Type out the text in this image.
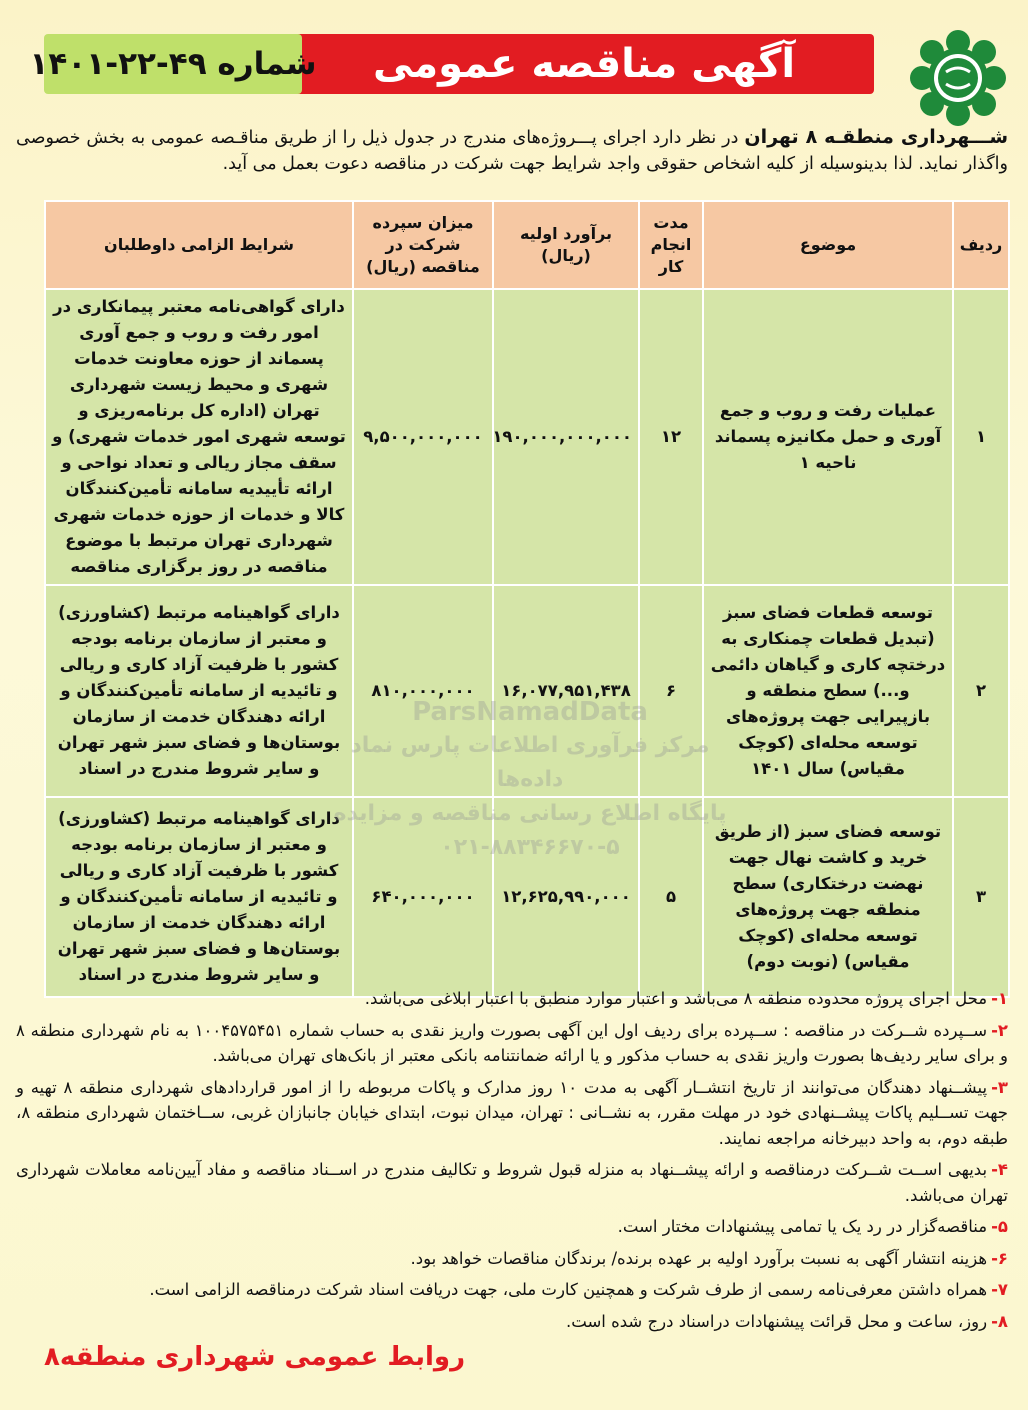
آگهی مناقصه عمومی
شماره ۴۹-۲۲-۱۴۰۱
شـــهرداری منطقـه ۸ تهران در نظر دارد اجرای پـــروژه‌های مندرج در جدول ذیل را از طریق مناقـصه عمومی به بخش خصوصی واگذار نماید. لذا بدینوسیله از کلیه اشخاص حقوقی واجد شرایط جهت شرکت در مناقصه دعوت بعمل می آید.
ردیف	موضوع	مدت انجام کار	برآورد اولیه (ریال)	میزان سپرده شرکت در مناقصه (ریال)	شرایط الزامی داوطلبان
۱	عملیات رفت و روب و جمع آوری و حمل مکانیزه پسماند ناحیه ۱	۱۲	۱۹۰,۰۰۰,۰۰۰,۰۰۰	۹,۵۰۰,۰۰۰,۰۰۰	دارای گواهی‌نامه معتبر پیمانکاری در امور رفت و روب و جمع آوری پسماند از حوزه معاونت خدمات شهری و محیط زیست شهرداری تهران (اداره کل برنامه‌ریزی و توسعه شهری امور خدمات شهری) و سقف مجاز ریالی و تعداد نواحی و ارائه تأییدیه سامانه تأمین‌کنندگان کالا و خدمات از حوزه خدمات شهری شهرداری تهران مرتبط با موضوع مناقصه در روز برگزاری مناقصه
۲	توسعه قطعات فضای سبز (تبدیل قطعات چمنکاری به درختچه کاری و گیاهان دائمی و...) سطح منطقه و بازپیرایی جهت پروژه‌های توسعه محله‌ای (کوچک مقیاس) سال ۱۴۰۱	۶	۱۶,۰۷۷,۹۵۱,۴۳۸	۸۱۰,۰۰۰,۰۰۰	دارای گواهینامه مرتبط (کشاورزی) و معتبر از سازمان برنامه بودجه کشور با ظرفیت آزاد کاری و ریالی و تائیدیه از سامانه تأمین‌کنندگان و ارائه دهندگان خدمت از سازمان بوستان‌ها و فضای سبز شهر تهران و سایر شروط مندرج در اسناد
۳	توسعه فضای سبز (از طریق خرید و کاشت نهال جهت نهضت درختکاری) سطح منطقه جهت پروژه‌های توسعه محله‌ای (کوچک مقیاس) (نوبت دوم)	۵	۱۲,۶۲۵,۹۹۰,۰۰۰	۶۴۰,۰۰۰,۰۰۰	دارای گواهینامه مرتبط (کشاورزی) و معتبر از سازمان برنامه بودجه کشور با ظرفیت آزاد کاری و ریالی و تائیدیه از سامانه تأمین‌کنندگان و ارائه دهندگان خدمت از سازمان بوستان‌ها و فضای سبز شهر تهران و سایر شروط مندرج در اسناد
ParsNamadData
مرکز فرآوری اطلاعات پارس نماد داده‌ها
پایگاه اطلاع رسانی مناقصه و مزایده
۰۲۱-۸۸۳۴۶۶۷۰-۵
۱-محل اجرای پروژه محدوده منطقه ۸ می‌باشد و اعتبار موارد منطبق با اعتبار ابلاغی می‌باشد.
۲-ســپرده شــرکت در مناقصه : ســپرده برای ردیف اول این آگهی بصورت واریز نقدی به حساب شماره ۱۰۰۴۵۷۵۴۵۱ به نام شهرداری منطقه ۸ و برای سایر ردیف‌ها بصورت واریز نقدی به حساب مذکور و یا ارائه ضمانتنامه بانکی معتبر از بانک‌های تهران می‌باشد.
۳-پیشــنهاد دهندگان می‌توانند از تاریخ انتشــار آگهی به مدت ۱۰ روز مدارک و پاکات مربوطه را از امور قراردادهای شهرداری منطقه ۸ تهیه و جهت تســلیم پاکات پیشــنهادی خود در مهلت مقرر، به نشــانی : تهران، میدان نبوت، ابتدای خیابان جانبازان غربی، ســاختمان شهرداری منطقه ۸، طبقه دوم، به واحد دبیرخانه مراجعه نمایند.
۴-بدیهی اســت شــرکت درمناقصه و ارائه پیشــنهاد به منزله قبول شروط و تکالیف مندرج در اســناد مناقصه و مفاد آیین‌نامه معاملات شهرداری تهران می‌باشد.
۵-مناقصه‌گزار در رد یک یا تمامی پیشنهادات مختار است.
۶-هزینه انتشار آگهی به نسبت برآورد اولیه بر عهده برنده/ برندگان مناقصات خواهد بود.
۷-همراه داشتن معرفی‌نامه رسمی از طرف شرکت و همچنین کارت ملی، جهت دریافت اسناد شرکت درمناقصه الزامی است.
۸-روز، ساعت و محل قرائت پیشنهادات دراسناد درج شده است.
روابط عمومی شهرداری منطقه۸
